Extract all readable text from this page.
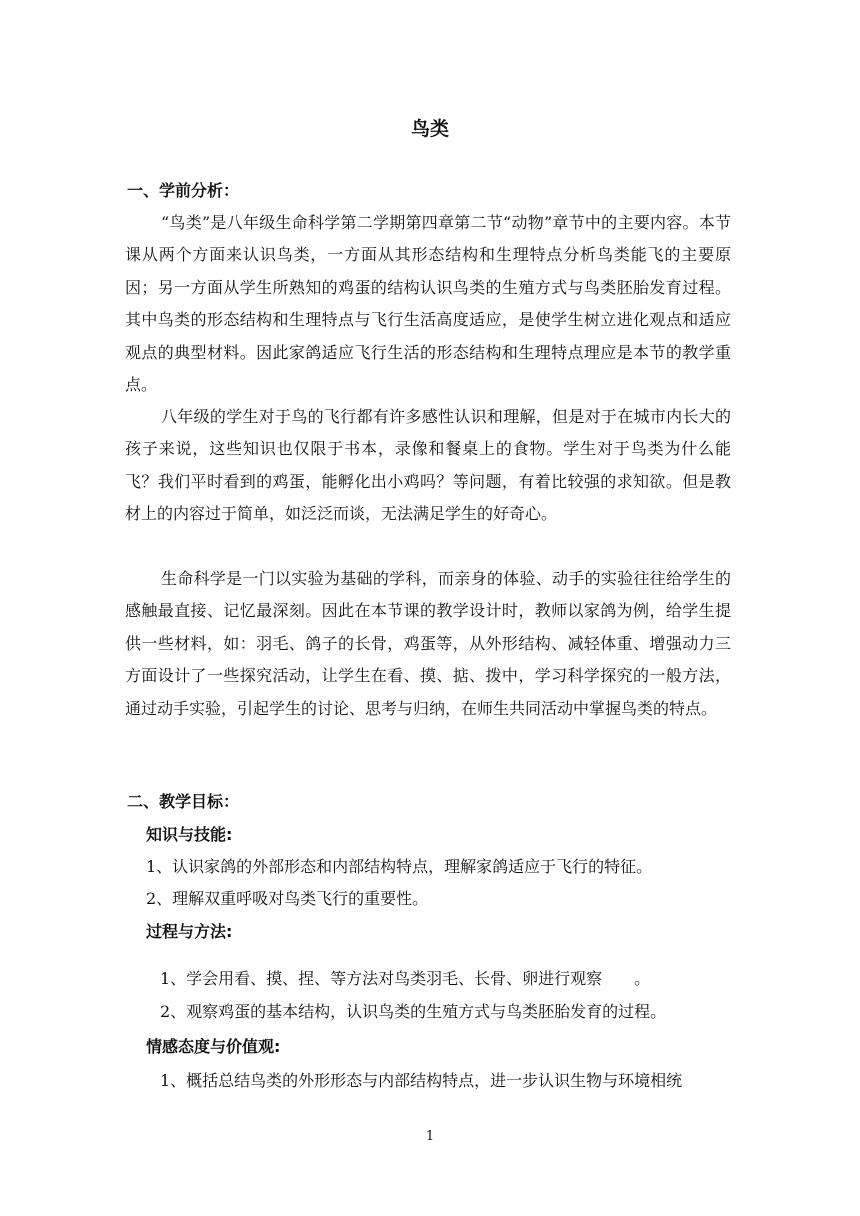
鸟类
一、学前分析：

“鸟类”是八年级生命科学第二学期第四章第二节“动物”章节中的主要内容。本节课从两个方面来认识鸟类，一方面从其形态结构和生理特点分析鸟类能飞的主要原因；另一方面从学生所熟知的鸡蛋的结构认识鸟类的生殖方式与鸟类胚胎发育过程。其中鸟类的形态结构和生理特点与飞行生活高度适应，是使学生树立进化观点和适应观点的典型材料。因此家鸽适应飞行生活的形态结构和生理特点理应是本节的教学重点。

八年级的学生对于鸟的飞行都有许多感性认识和理解，但是对于在城市内长大的孩子来说，这些知识也仅限于书本，录像和餐桌上的食物。学生对于鸟类为什么能飞？我们平时看到的鸡蛋，能孵化出小鸡吗？等问题，有着比较强的求知欲。但是教材上的内容过于简单，如泛泛而谈，无法满足学生的好奇心。

生命科学是一门以实验为基础的学科，而亲身的体验、动手的实验往往给学生的感触最直接、记忆最深刻。因此在本节课的教学设计时，教师以家鸽为例，给学生提供一些材料，如：羽毛、鸽子的长骨，鸡蛋等，从外形结构、减轻体重、增强动力三方面设计了一些探究活动，让学生在看、摸、掂、拨中，学习科学探究的一般方法，通过动手实验，引起学生的讨论、思考与归纳，在师生共同活动中掌握鸟类的特点。

二、教学目标：
知识与技能:
1、认识家鸽的外部形态和内部结构特点，理解家鸽适应于飞行的特征。
2、理解双重呼吸对鸟类飞行的重要性。
过程与方法:
1、学会用看、摸、捏、等方法对鸟类羽毛、长骨、卵进行观察　　。
2、观察鸡蛋的基本结构，认识鸟类的生殖方式与鸟类胚胎发育的过程。
情感态度与价值观:
1、概括总结鸟类的外形形态与内部结构特点，进一步认识生物与环境相统
1
